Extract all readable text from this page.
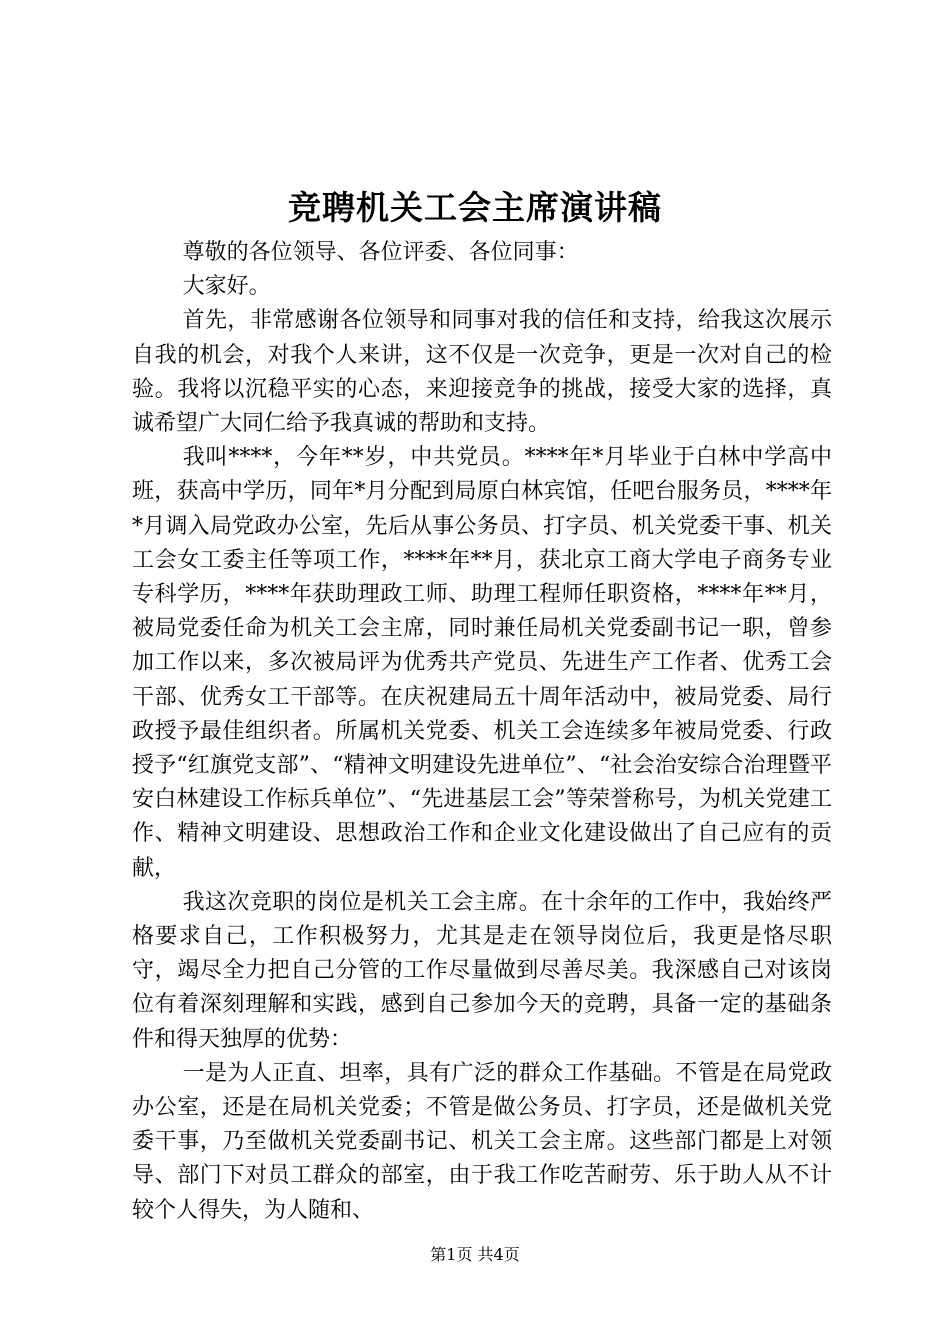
竞聘机关工会主席演讲稿

尊敬的各位领导、各位评委、各位同事：

大家好。

首先，非常感谢各位领导和同事对我的信任和支持，给我这次展示自我的机会，对我个人来讲，这不仅是一次竞争，更是一次对自己的检验。我将以沉稳平实的心态，来迎接竞争的挑战，接受大家的选择，真诚希望广大同仁给予我真诚的帮助和支持。

我叫****，今年**岁，中共党员。****年*月毕业于白林中学高中班，获高中学历，同年*月分配到局原白林宾馆，任吧台服务员，****年*月调入局党政办公室，先后从事公务员、打字员、机关党委干事、机关工会女工委主任等项工作，****年**月，获北京工商大学电子商务专业专科学历，****年获助理政工师、助理工程师任职资格，****年**月，被局党委任命为机关工会主席，同时兼任局机关党委副书记一职，曾参加工作以来，多次被局评为优秀共产党员、先进生产工作者、优秀工会干部、优秀女工干部等。在庆祝建局五十周年活动中，被局党委、局行政授予最佳组织者。所属机关党委、机关工会连续多年被局党委、行政授予“红旗党支部”、“精神文明建设先进单位”、“社会治安综合治理暨平安白林建设工作标兵单位”、“先进基层工会”等荣誉称号，为机关党建工作、精神文明建设、思想政治工作和企业文化建设做出了自己应有的贡献，

我这次竞职的岗位是机关工会主席。在十余年的工作中，我始终严格要求自己，工作积极努力，尤其是走在领导岗位后，我更是恪尽职守，竭尽全力把自己分管的工作尽量做到尽善尽美。我深感自己对该岗位有着深刻理解和实践，感到自己参加今天的竞聘，具备一定的基础条件和得天独厚的优势：

一是为人正直、坦率，具有广泛的群众工作基础。不管是在局党政办公室，还是在局机关党委；不管是做公务员、打字员，还是做机关党委干事，乃至做机关党委副书记、机关工会主席。这些部门都是上对领导、部门下对员工群众的部室，由于我工作吃苦耐劳、乐于助人从不计较个人得失，为人随和、

第1页 共4页
